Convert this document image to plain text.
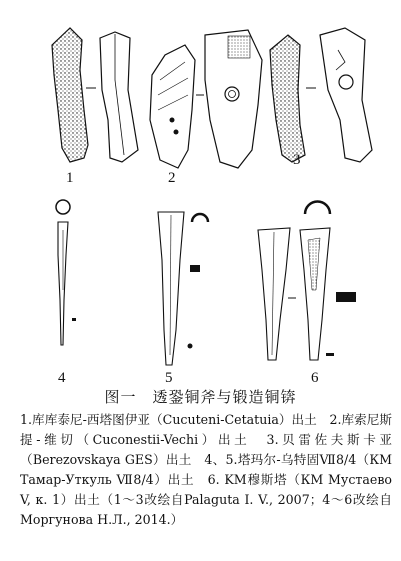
1	2
3
4	5	6
图一　透銎铜斧与锻造铜锛
1.库库泰尼-西塔图伊亚（Cucuteni-Cetatuia）出土　2.库索尼斯提-维切（Cuconestii-Vechi）出土　3.贝雷佐夫斯卡亚（Berezovskaya GES）出土　4、5.塔玛尔-乌特固Ⅶ8/4（КМ Тамар-Уткуль Ⅶ8/4）出土　6. KM穆斯塔（КМ Мустаево V, к. 1）出土（1～3改绘自Palaguta I. V., 2007；4～6改绘自Моргунова Н.Л., 2014.）
